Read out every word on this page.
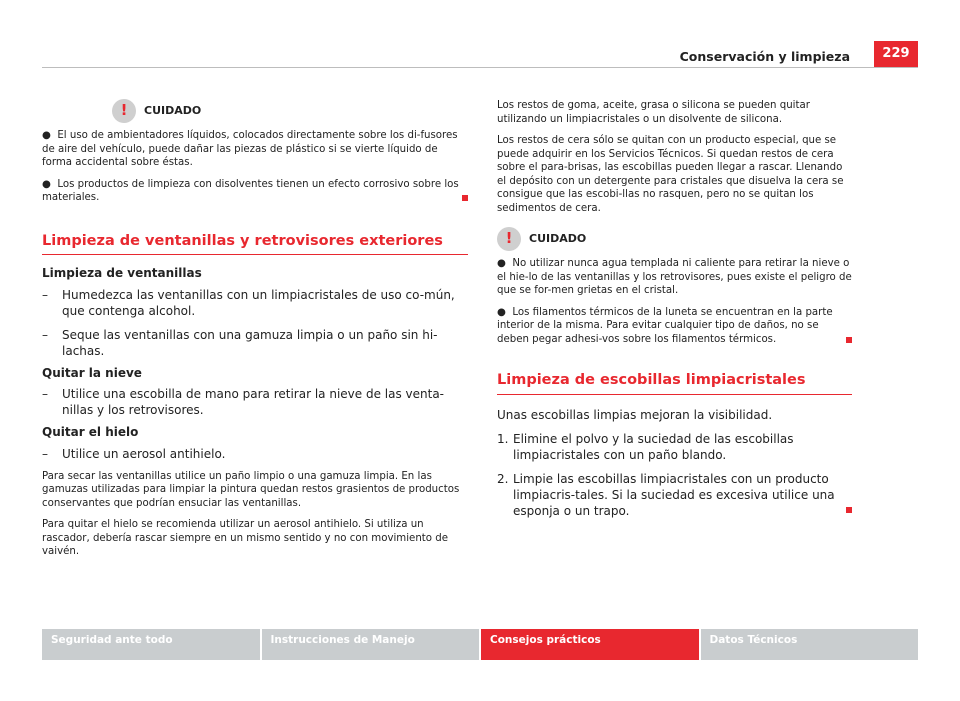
Conservación y limpieza	229
!	CUIDADO

●  El uso de ambientadores líquidos, colocados directamente sobre los di-fusores de aire del vehículo, puede dañar las piezas de plástico si se vierte líquido de forma accidental sobre éstas.

●  Los productos de limpieza con disolventes tienen un efecto corrosivo sobre los materiales.

Limpieza de ventanillas y retrovisores exteriores
Limpieza de ventanillas
– Humedezca las ventanillas con un limpiacristales de uso co-mún, que contenga alcohol.
– Seque las ventanillas con una gamuza limpia o un paño sin hi-lachas.
Quitar la nieve
– Utilice una escobilla de mano para retirar la nieve de las venta-nillas y los retrovisores.
Quitar el hielo
– Utilice un aerosol antihielo.

Para secar las ventanillas utilice un paño limpio o una gamuza limpia. En las gamuzas utilizadas para limpiar la pintura quedan restos grasientos de productos conservantes que podrían ensuciar las ventanillas.

Para quitar el hielo se recomienda utilizar un aerosol antihielo. Si utiliza un rascador, debería rascar siempre en un mismo sentido y no con movimiento de vaivén.

Los restos de goma, aceite, grasa o silicona se pueden quitar utilizando un limpiacristales o un disolvente de silicona.

Los restos de cera sólo se quitan con un producto especial, que se puede adquirir en los Servicios Técnicos. Si quedan restos de cera sobre el para-brisas, las escobillas pueden llegar a rascar. Llenando el depósito con un detergente para cristales que disuelva la cera se consigue que las escobi-llas no rasquen, pero no se quitan los sedimentos de cera.

!	CUIDADO

●  No utilizar nunca agua templada ni caliente para retirar la nieve o el hie-lo de las ventanillas y los retrovisores, pues existe el peligro de que se for-men grietas en el cristal.

●  Los filamentos térmicos de la luneta se encuentran en la parte interior de la misma. Para evitar cualquier tipo de daños, no se deben pegar adhesi-vos sobre los filamentos térmicos.

Limpieza de escobillas limpiacristales

Unas escobillas limpias mejoran la visibilidad.

1. Elimine el polvo y la suciedad de las escobillas limpiacristales con un paño blando.
2. Limpie las escobillas limpiacristales con un producto limpiacris-tales. Si la suciedad es excesiva utilice una esponja o un trapo.
Seguridad ante todo	Instrucciones de Manejo	Consejos prácticos	Datos Técnicos
